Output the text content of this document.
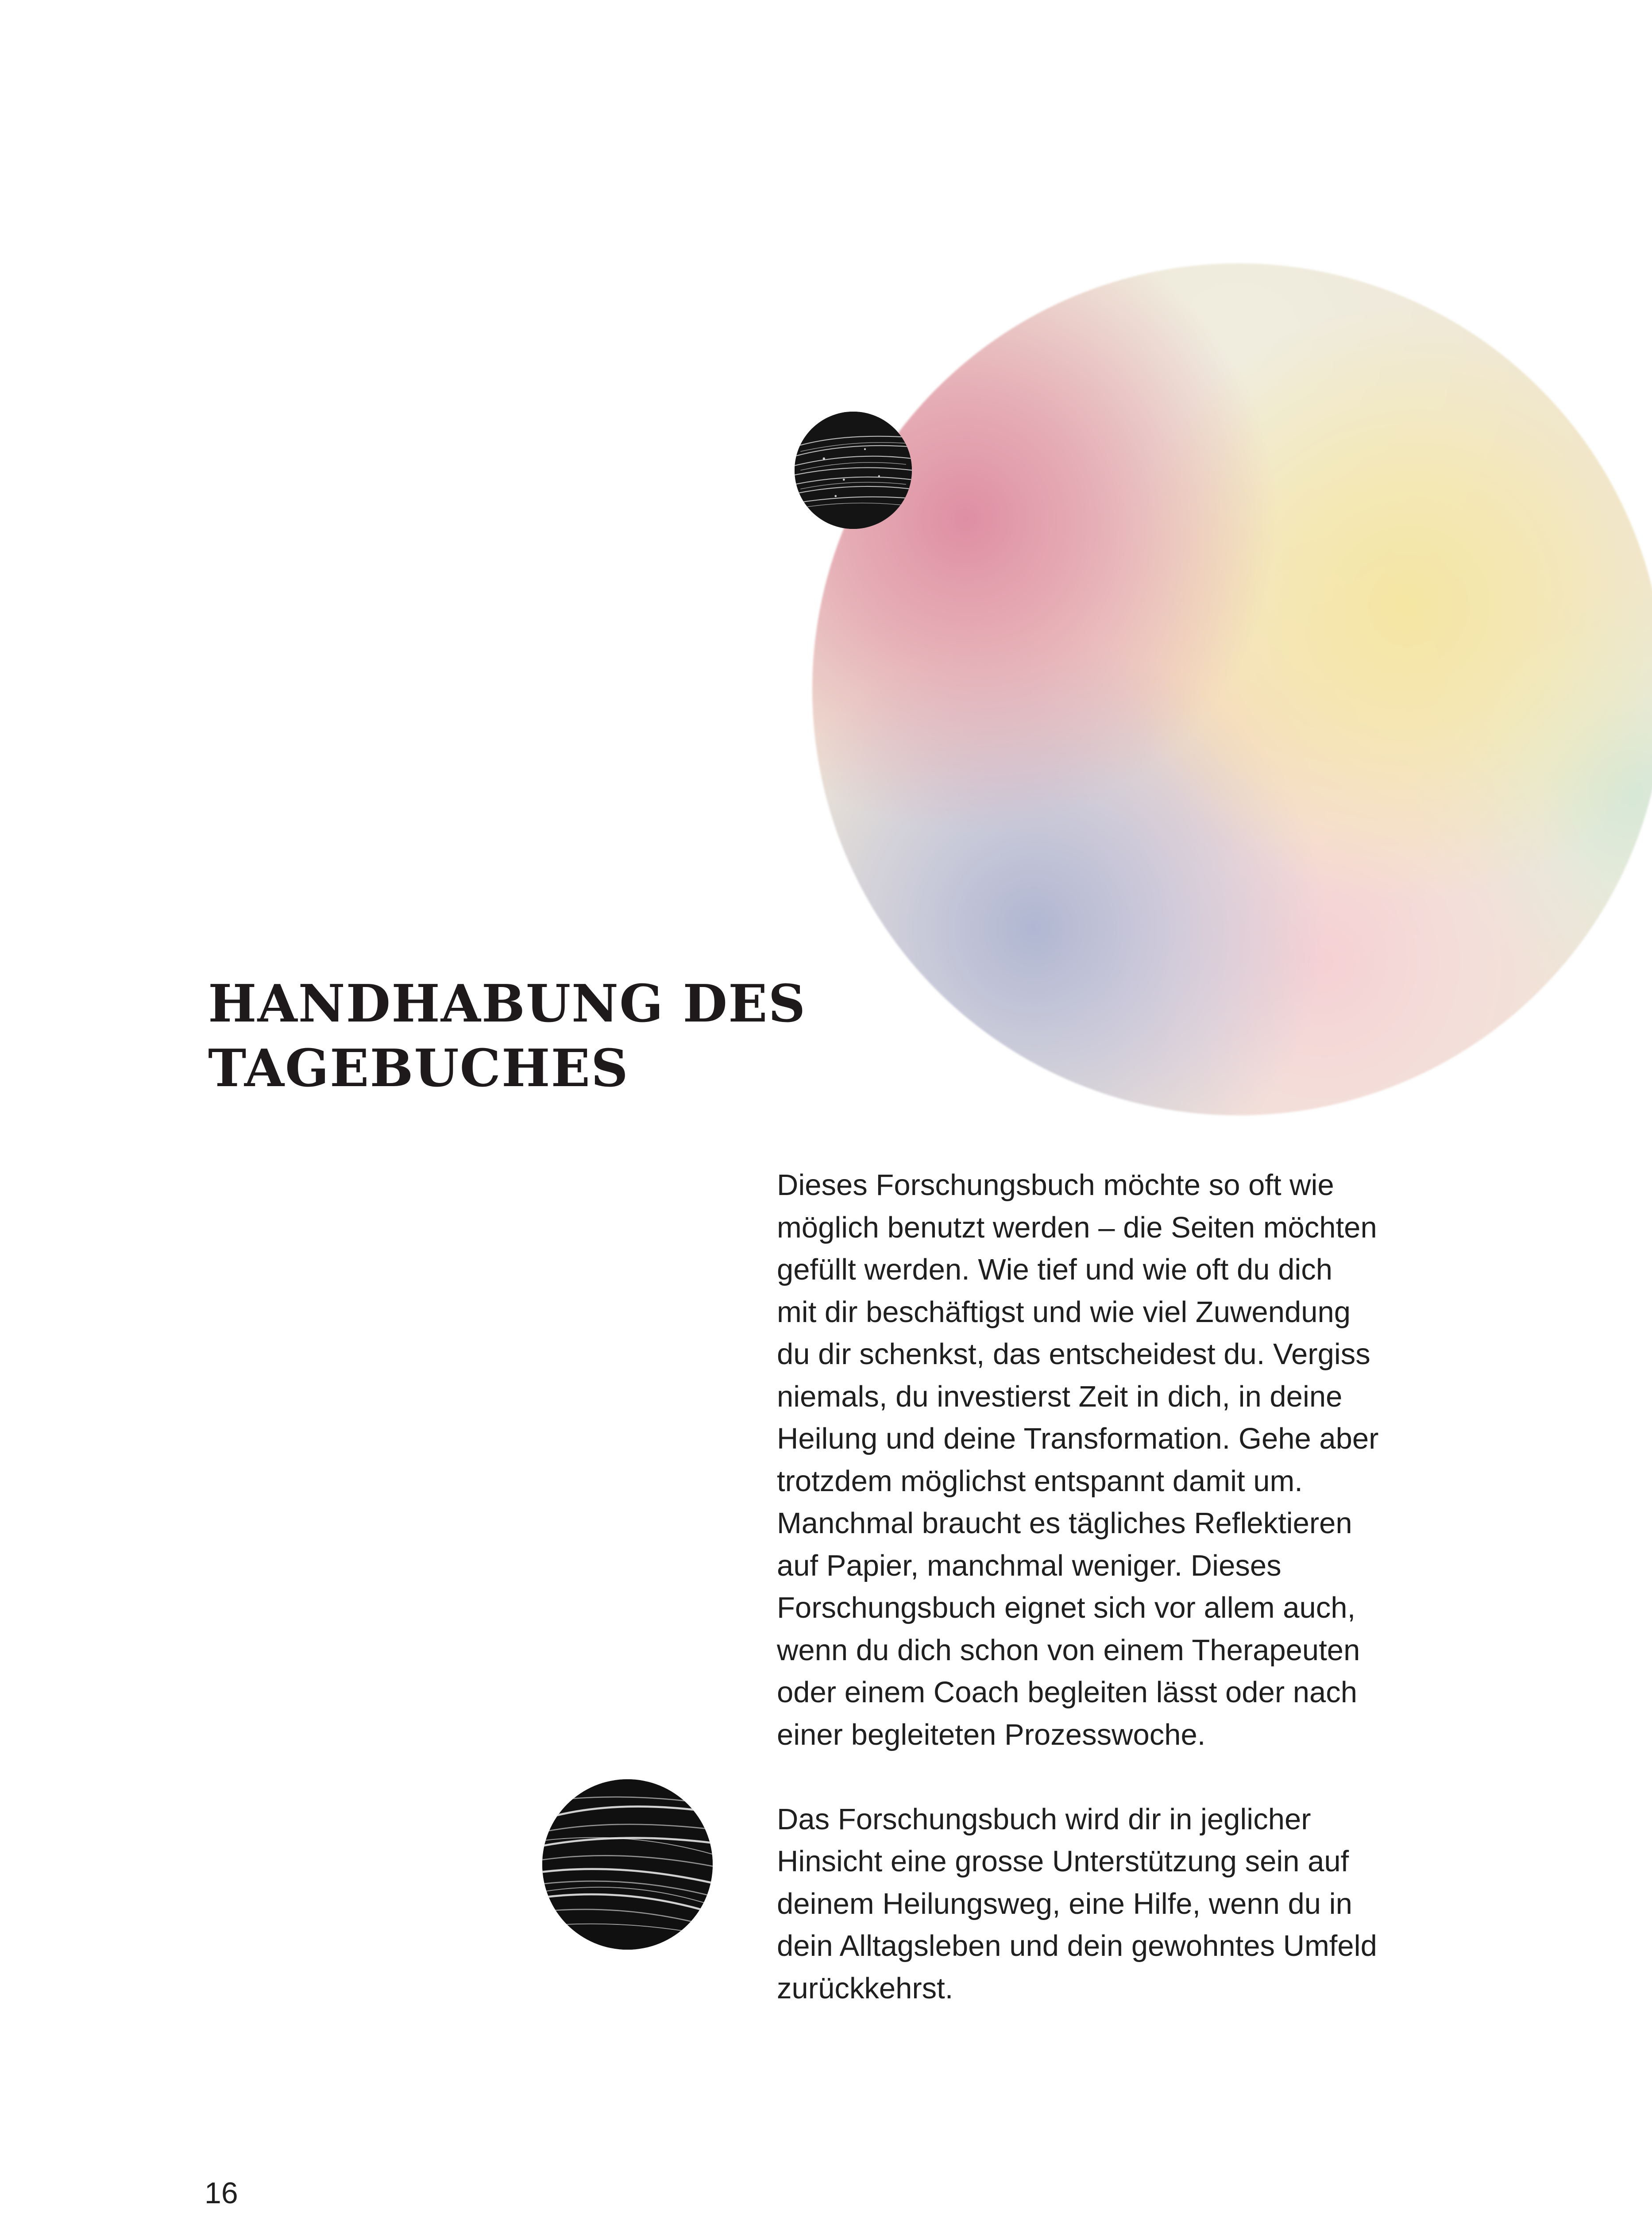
HANDHABUNG DES
TAGEBUCHES
Dieses Forschungsbuch möchte so oft wie
möglich benutzt werden – die Seiten möchten
gefüllt werden. Wie tief und wie oft du dich
mit dir beschäftigst und wie viel Zuwendung
du dir schenkst, das entscheidest du. Vergiss
niemals, du investierst Zeit in dich, in deine
Heilung und deine Transformation. Gehe aber
trotzdem möglichst entspannt damit um.
Manchmal braucht es tägliches Reflektieren
auf Papier, manchmal weniger. Dieses
Forschungsbuch eignet sich vor allem auch,
wenn du dich schon von einem Therapeuten
oder einem Coach begleiten lässt oder nach
einer begleiteten Prozesswoche.
Das Forschungsbuch wird dir in jeglicher
Hinsicht eine grosse Unterstützung sein auf
deinem Heilungsweg, eine Hilfe, wenn du in
dein Alltagsleben und dein gewohntes Umfeld
zurückkehrst.
16
